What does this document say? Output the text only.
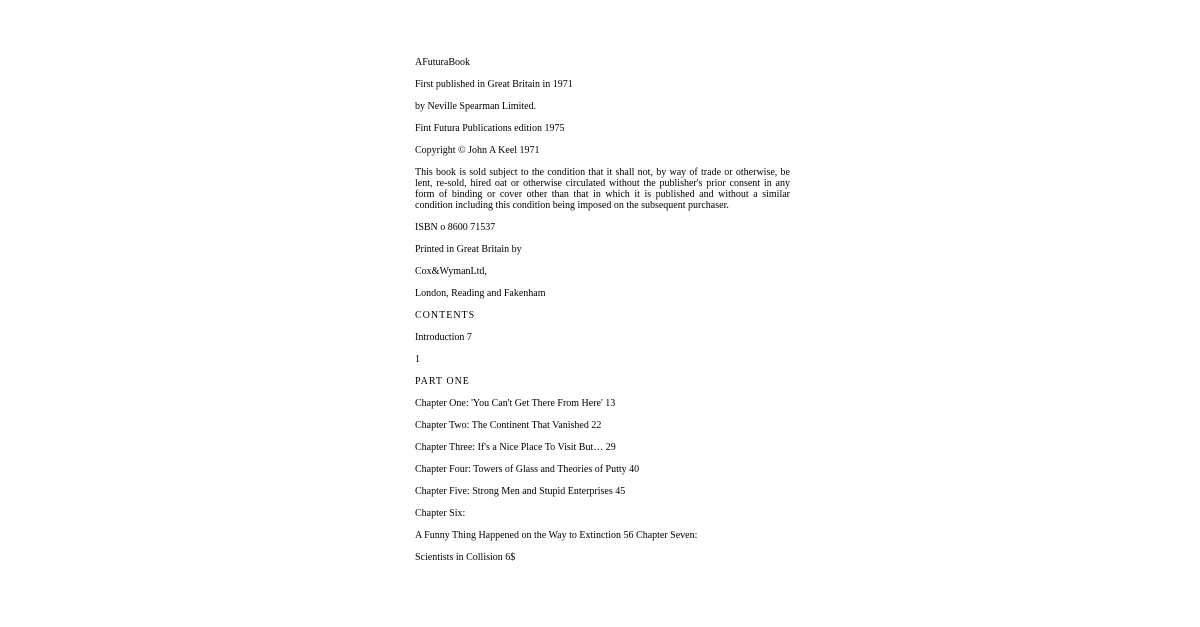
AFuturaBook

First published in Great Britain in 1971

by Neville Spearman Limited.

Fint Futura Publications edition 1975

Copyright © John A Keel 1971

This book is sold subject to the condition that it shall not, by way of trade or otherwise, be lent, re-sold, hired oat or otherwise circulated without the publisher's prior consent in any form of binding or cover other than that in which it is published and without a similar condition including this condition being imposed on the subsequent purchaser.

ISBN o 8600 71537

Printed in Great Britain by

Cox&WymanLtd,

London, Reading and Fakenham

CONTENTS

Introduction 7

1

PART ONE

Chapter One: 'You Can't Get There From Here' 13

Chapter Two: The Continent That Vanished 22

Chapter Three: If's a Nice Place To Visit But… 29

Chapter Four: Towers of Glass and Theories of Putty 40

Chapter Five: Strong Men and Stupid Enterprises 45

Chapter Six:

A Funny Thing Happened on the Way to Extinction 56 Chapter Seven:

Scientists in Collision 6$
